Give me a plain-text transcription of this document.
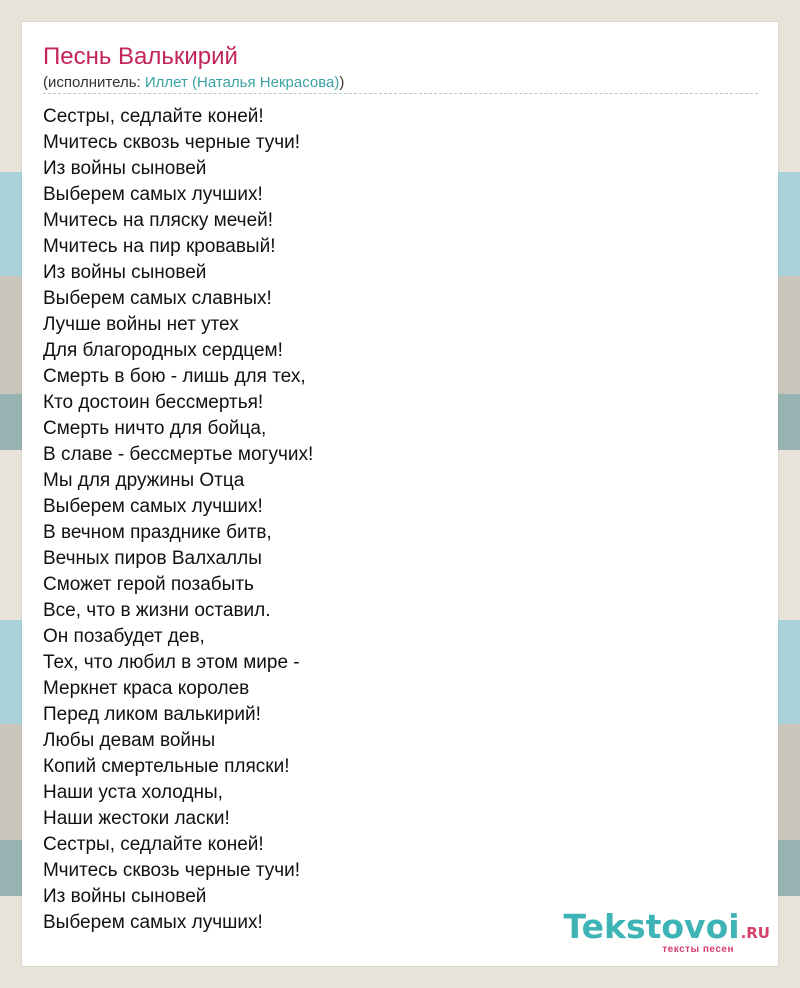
Песнь Валькирий
(исполнитель: Иллет (Наталья Некрасова))
Сестры, седлайте коней!
Мчитесь сквозь черные тучи!
Из войны сыновей
Выберем самых лучших!
Мчитесь на пляску мечей!
Мчитесь на пир кровавый!
Из войны сыновей
Выберем самых славных!
Лучше войны нет утех
Для благородных сердцем!
Смерть в бою - лишь для тех,
Кто достоин бессмертья!
Смерть ничто для бойца,
В славе - бессмертье могучих!
Мы для дружины Отца
Выберем самых лучших!
В вечном празднике битв,
Вечных пиров Валхаллы
Сможет герой позабыть
Все, что в жизни оставил.
Он позабудет дев,
Тех, что любил в этом мире -
Меркнет краса королев
Перед ликом валькирий!
Любы девам войны
Копий смертельные пляски!
Наши уста холодны,
Наши жестоки ласки!
Сестры, седлайте коней!
Мчитесь сквозь черные тучи!
Из войны сыновей
Выберем самых лучших!	Tekstovoi.RU
тексты песен
